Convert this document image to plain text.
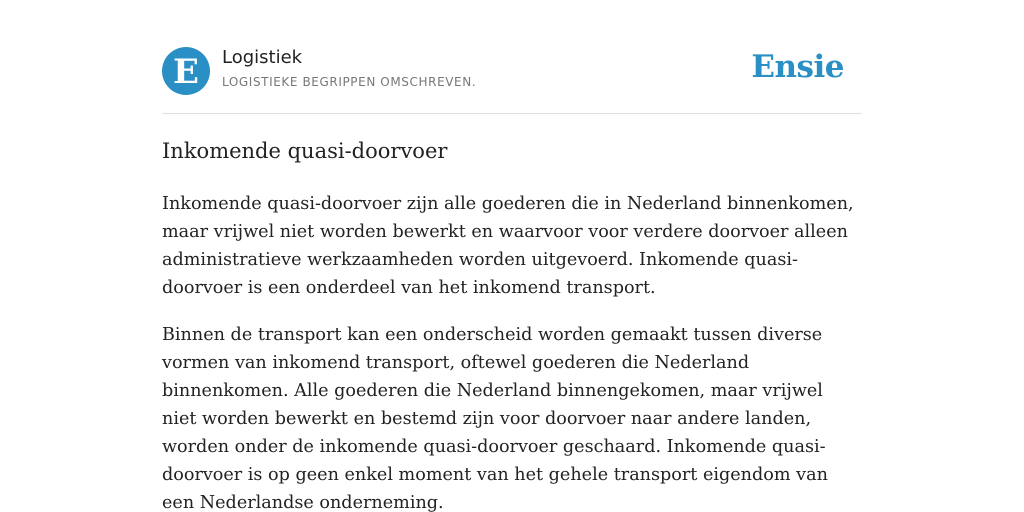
E Logistiek
LOGISTIEKE BEGRIPPEN OMSCHREVEN.	Ensie
Inkomende quasi-doorvoer

Inkomende quasi-doorvoer zijn alle goederen die in Nederland binnenkomen, maar vrijwel niet worden bewerkt en waarvoor voor verdere doorvoer alleen administratieve werkzaamheden worden uitgevoerd. Inkomende quasi-doorvoer is een onderdeel van het inkomend transport.

Binnen de transport kan een onderscheid worden gemaakt tussen diverse vormen van inkomend transport, oftewel goederen die Nederland binnenkomen. Alle goederen die Nederland binnengekomen, maar vrijwel niet worden bewerkt en bestemd zijn voor doorvoer naar andere landen, worden onder de inkomende quasi-doorvoer geschaard. Inkomende quasi-doorvoer is op geen enkel moment van het gehele transport eigendom van een Nederlandse onderneming.
